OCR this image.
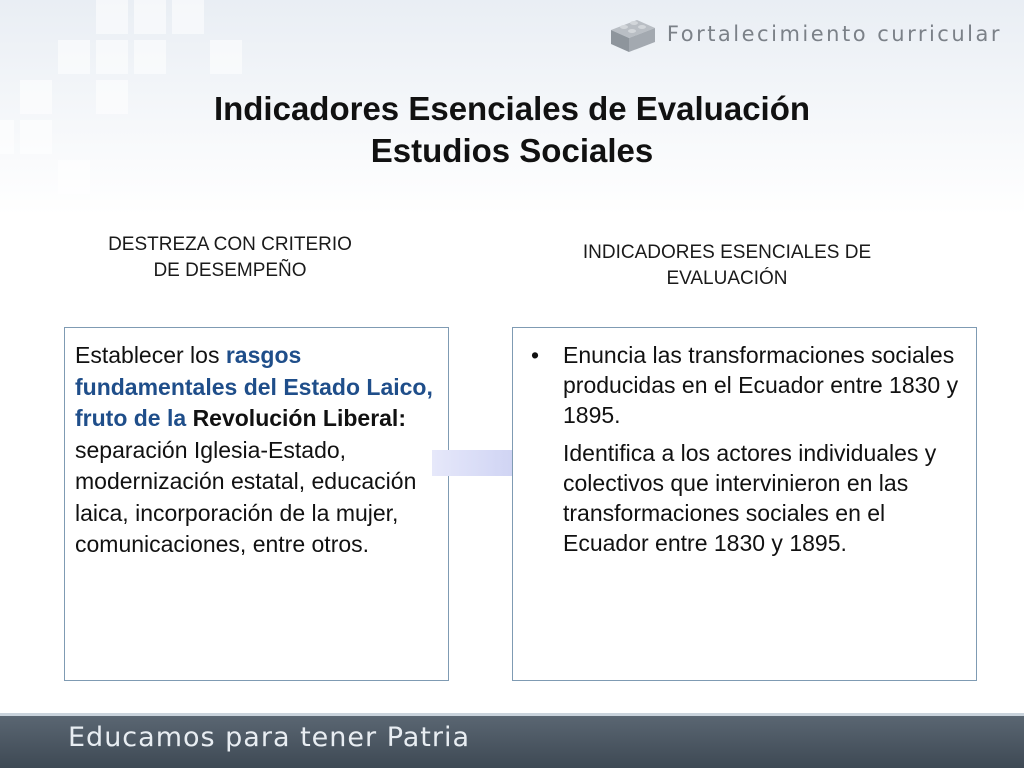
Fortalecimiento curricular
Indicadores Esenciales de Evaluación
Estudios Sociales
DESTREZA CON CRITERIO
DE DESEMPEÑO
INDICADORES ESENCIALES DE
EVALUACIÓN

Establecer los rasgos fundamentales del Estado Laico, fruto de la Revolución Liberal: separación Iglesia-Estado, modernización estatal, educación laica, incorporación de la mujer, comunicaciones, entre otros.

• Enuncia las transformaciones sociales producidas en el Ecuador entre 1830 y 1895.
Identifica a los actores individuales y colectivos que intervinieron en las transformaciones sociales en el Ecuador entre 1830 y 1895.
Educamos para tener Patria
